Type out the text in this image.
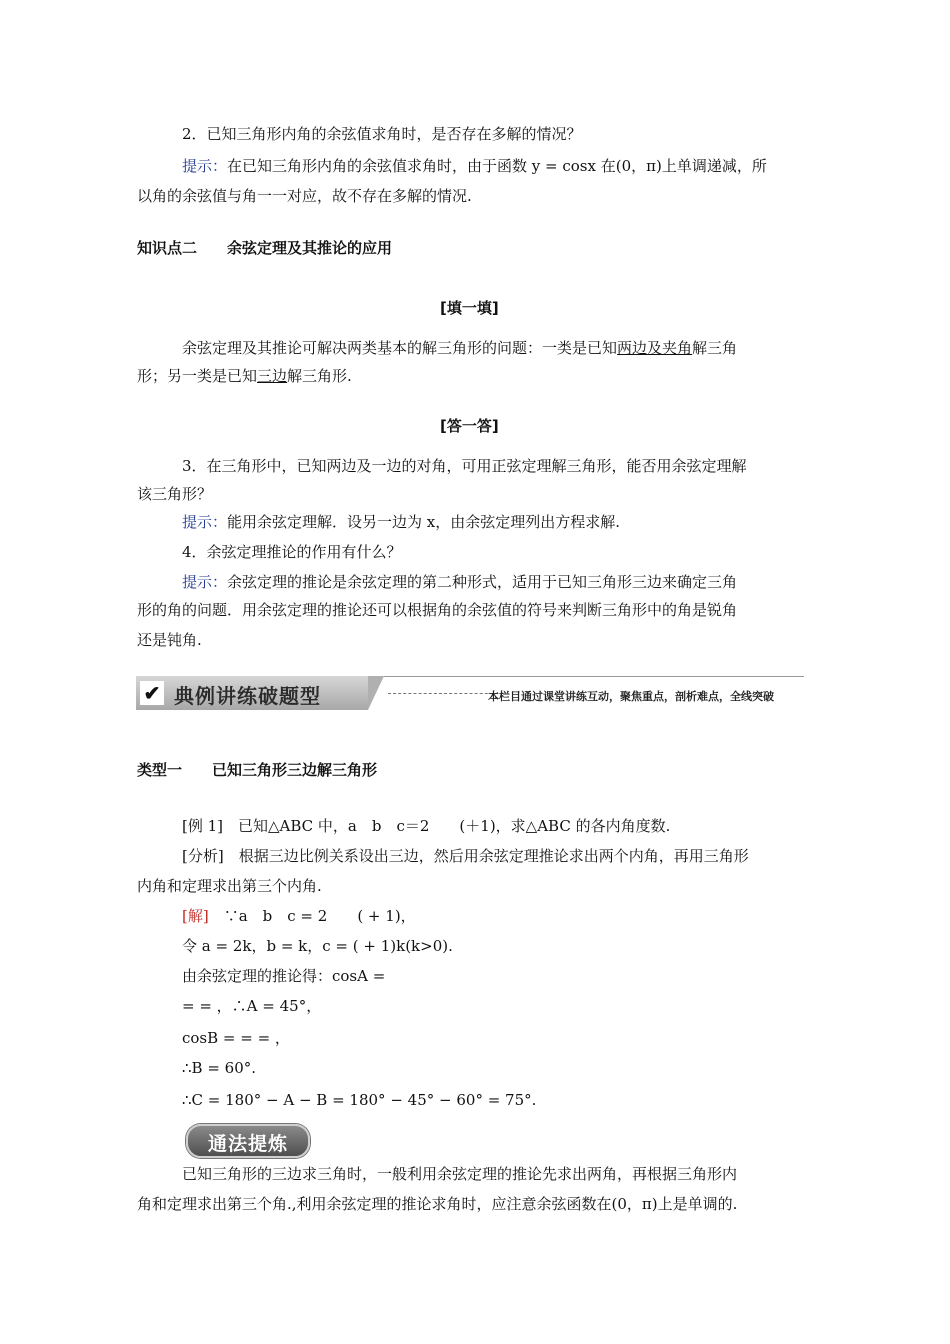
2．已知三角形内角的余弦值求角时，是否存在多解的情况？
提示：在已知三角形内角的余弦值求角时，由于函数 y = cosx 在(0，π)上单调递减，所
以角的余弦值与角一一对应，故不存在多解的情况.
知识点二　　余弦定理及其推论的应用
[填一填]
余弦定理及其推论可解决两类基本的解三角形的问题：一类是已知两边及夹角解三角
形；另一类是已知三边解三角形.
[答一答]
3．在三角形中，已知两边及一边的对角，可用正弦定理解三角形，能否用余弦定理解
该三角形？
提示：能用余弦定理解．设另一边为 x，由余弦定理列出方程求解.
4．余弦定理推论的作用有什么？
提示：余弦定理的推论是余弦定理的第二种形式，适用于已知三角形三边来确定三角
形的角的问题．用余弦定理的推论还可以根据角的余弦值的符号来判断三角形中的角是锐角
还是钝角.
✔ 典例讲练破题型	本栏目通过课堂讲练互动，聚焦重点，剖析难点，全线突破
类型一　　已知三角形三边解三角形
[例 1]　已知△ABC 中，a　b　c＝2　　(＋1)，求△ABC 的各内角度数.
[分析]　根据三边比例关系设出三边，然后用余弦定理推论求出两个内角，再用三角形
内角和定理求出第三个内角.
[解]　∵a　b　c = 2　　( + 1)，
令 a = 2k，b = k，c = ( + 1)k(k>0).
由余弦定理的推论得：cosA =
= = ，∴A = 45°，
cosB = = = ，
∴B = 60°.
∴C = 180° − A − B = 180° − 45° − 60° = 75°.
通法提炼
已知三角形的三边求三角时，一般利用余弦定理的推论先求出两角，再根据三角形内
角和定理求出第三个角.,利用余弦定理的推论求角时，应注意余弦函数在(0，π)上是单调的.
